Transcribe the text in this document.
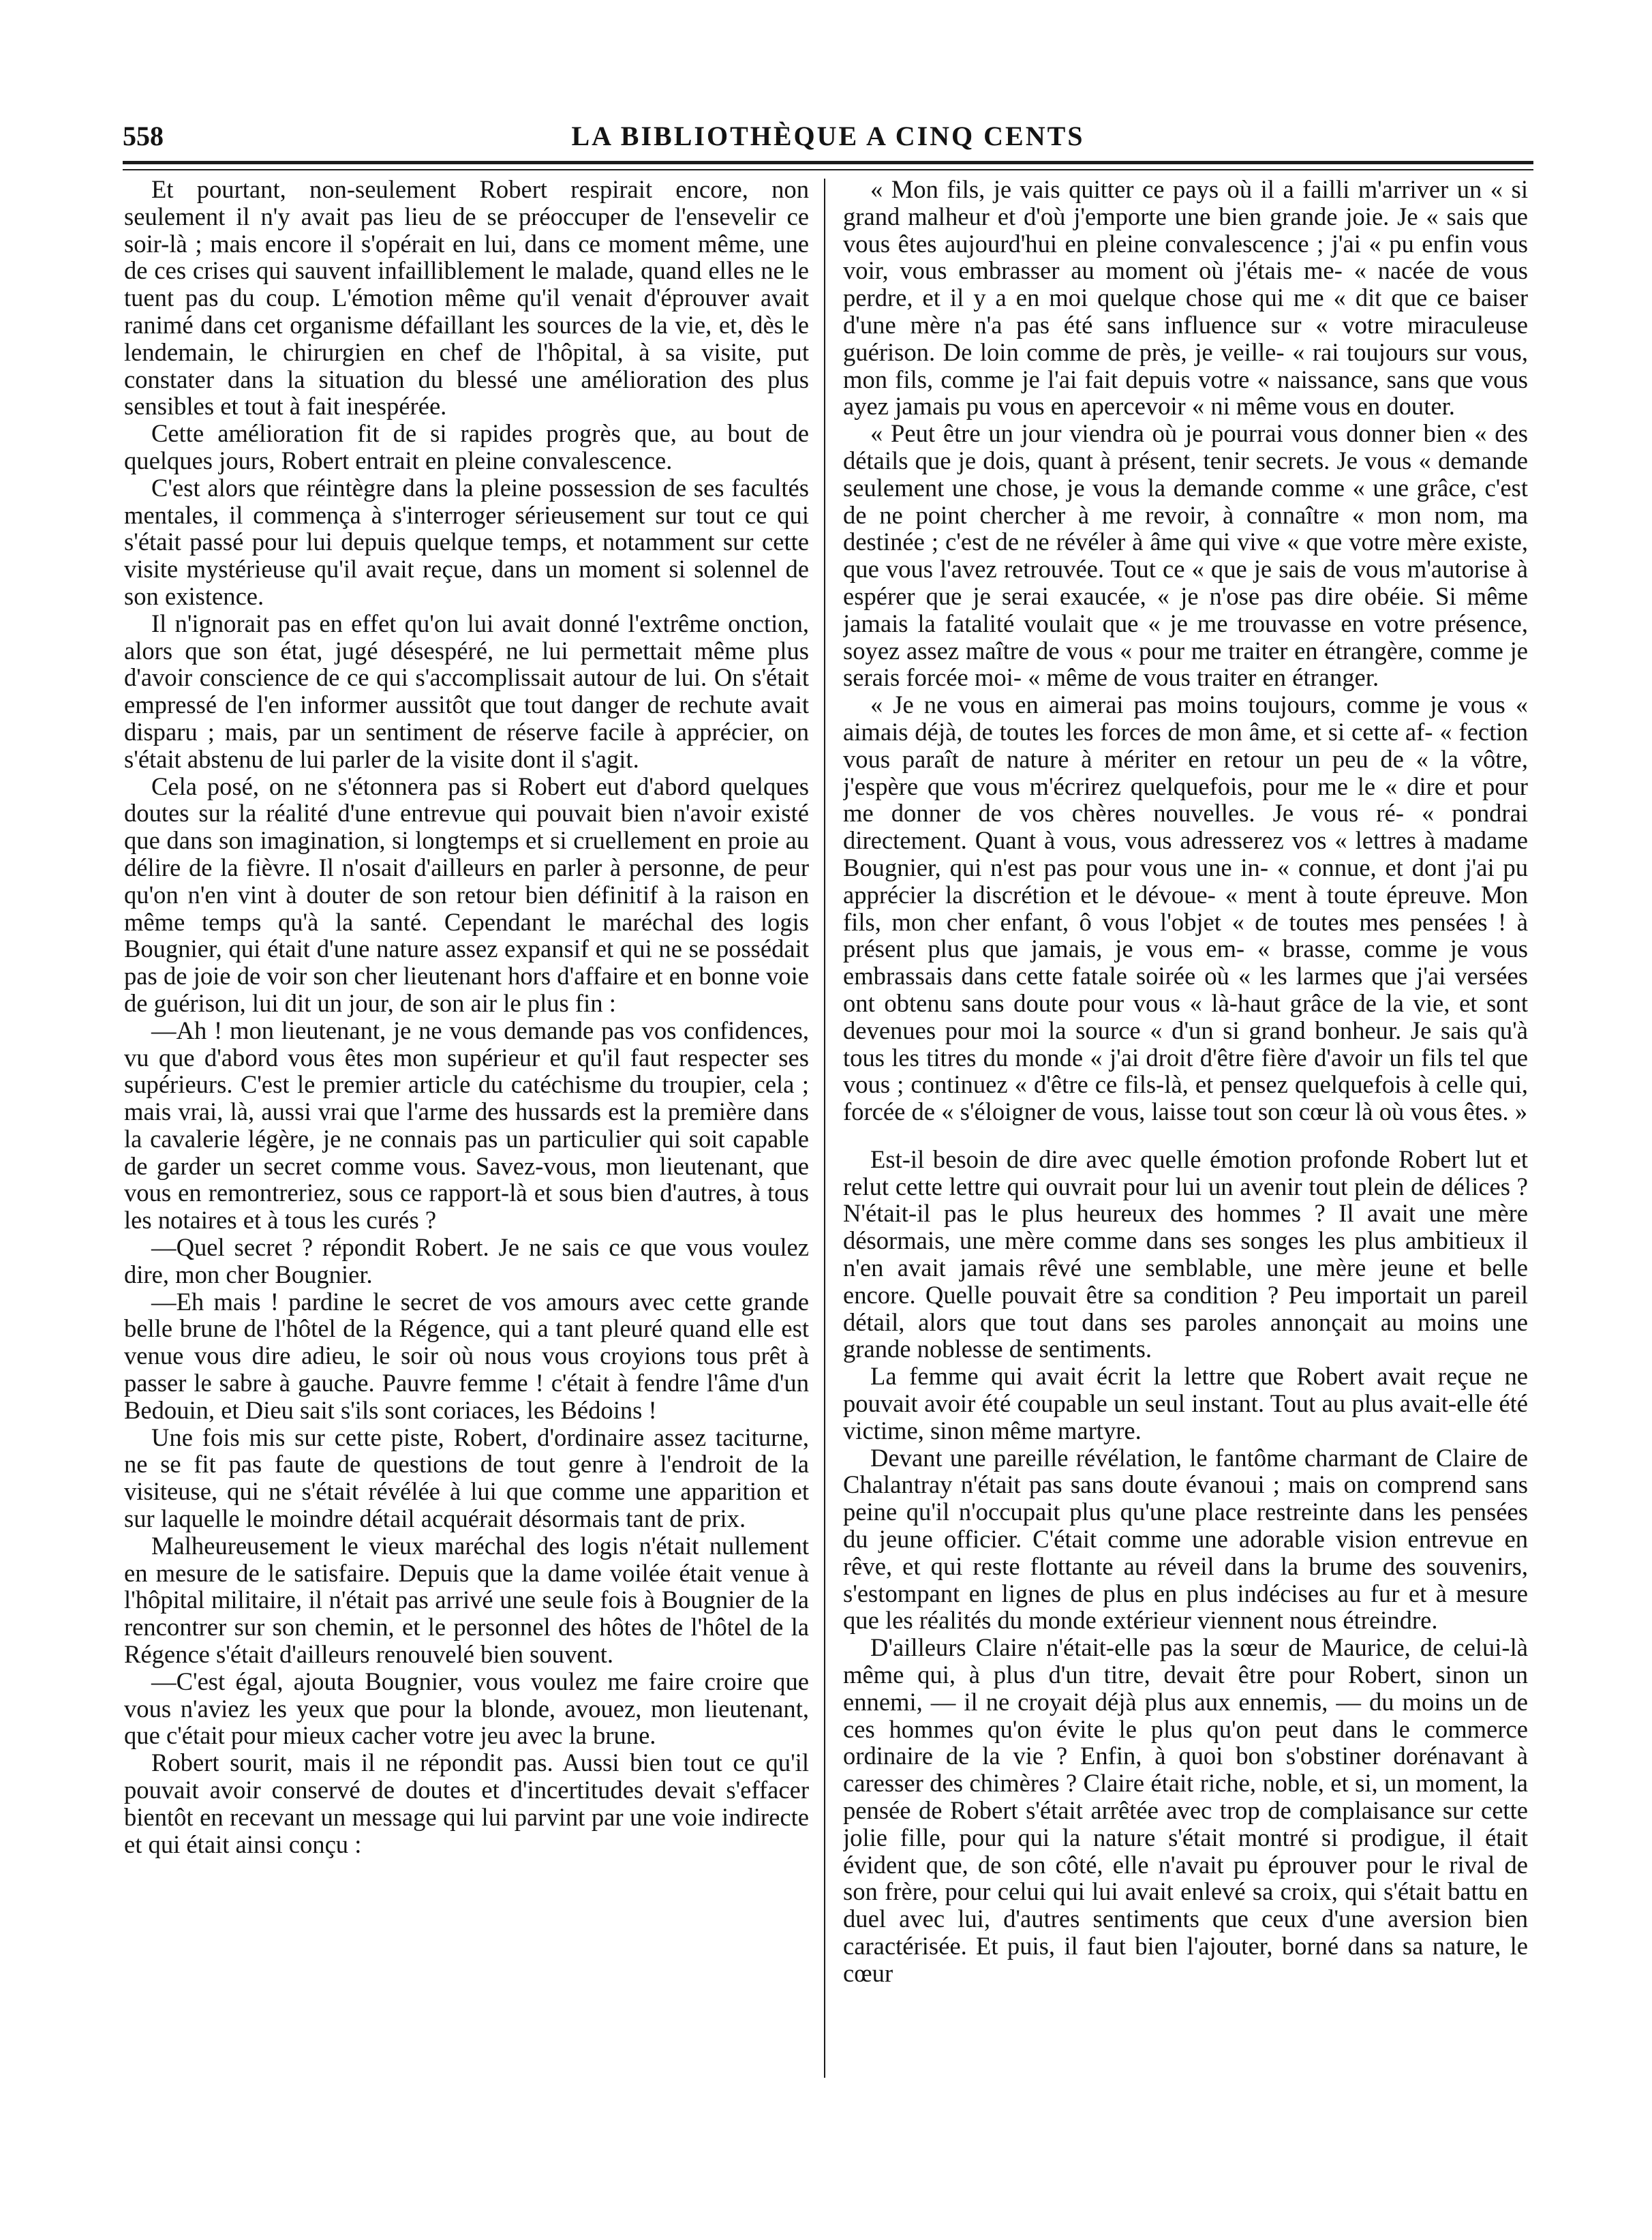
558	LA BIBLIOTHÈQUE A CINQ CENTS

Et pourtant, non-seulement Robert respirait encore, non seulement il n'y avait pas lieu de se préoccuper de l'ensevelir ce soir-là ; mais encore il s'opérait en lui, dans ce moment même, une de ces crises qui sauvent infailliblement le malade, quand elles ne le tuent pas du coup. L'émotion même qu'il venait d'éprouver avait ranimé dans cet organisme défaillant les sources de la vie, et, dès le lendemain, le chirurgien en chef de l'hôpital, à sa visite, put constater dans la situation du blessé une amélioration des plus sensibles et tout à fait inespérée.

Cette amélioration fit de si rapides progrès que, au bout de quelques jours, Robert entrait en pleine convalescence.

C'est alors que réintègre dans la pleine possession de ses facultés mentales, il commença à s'interroger sérieusement sur tout ce qui s'était passé pour lui depuis quelque temps, et notamment sur cette visite mystérieuse qu'il avait reçue, dans un moment si solennel de son existence.

Il n'ignorait pas en effet qu'on lui avait donné l'extrême onction, alors que son état, jugé désespéré, ne lui permettait même plus d'avoir conscience de ce qui s'accomplissait autour de lui. On s'était empressé de l'en informer aussitôt que tout danger de rechute avait disparu ; mais, par un sentiment de réserve facile à apprécier, on s'était abstenu de lui parler de la visite dont il s'agit.

Cela posé, on ne s'étonnera pas si Robert eut d'abord quelques doutes sur la réalité d'une entrevue qui pouvait bien n'avoir existé que dans son imagination, si longtemps et si cruellement en proie au délire de la fièvre. Il n'osait d'ailleurs en parler à personne, de peur qu'on n'en vint à douter de son retour bien définitif à la raison en même temps qu'à la santé. Cependant le maréchal des logis Bougnier, qui était d'une nature assez expansif et qui ne se possédait pas de joie de voir son cher lieutenant hors d'affaire et en bonne voie de guérison, lui dit un jour, de son air le plus fin :

—Ah ! mon lieutenant, je ne vous demande pas vos confidences, vu que d'abord vous êtes mon supérieur et qu'il faut respecter ses supérieurs. C'est le premier article du catéchisme du troupier, cela ; mais vrai, là, aussi vrai que l'arme des hussards est la première dans la cavalerie légère, je ne connais pas un particulier qui soit capable de garder un secret comme vous. Savez-vous, mon lieutenant, que vous en remontreriez, sous ce rapport-là et sous bien d'autres, à tous les notaires et à tous les curés ?

—Quel secret ? répondit Robert. Je ne sais ce que vous voulez dire, mon cher Bougnier.

—Eh mais ! pardine le secret de vos amours avec cette grande belle brune de l'hôtel de la Régence, qui a tant pleuré quand elle est venue vous dire adieu, le soir où nous vous croyions tous prêt à passer le sabre à gauche. Pauvre femme ! c'était à fendre l'âme d'un Bedouin, et Dieu sait s'ils sont coriaces, les Bédoins !

Une fois mis sur cette piste, Robert, d'ordinaire assez taciturne, ne se fit pas faute de questions de tout genre à l'endroit de la visiteuse, qui ne s'était révélée à lui que comme une apparition et sur laquelle le moindre détail acquérait désormais tant de prix.

Malheureusement le vieux maréchal des logis n'était nullement en mesure de le satisfaire. Depuis que la dame voilée était venue à l'hôpital militaire, il n'était pas arrivé une seule fois à Bougnier de la rencontrer sur son chemin, et le personnel des hôtes de l'hôtel de la Régence s'était d'ailleurs renouvelé bien souvent.

—C'est égal, ajouta Bougnier, vous voulez me faire croire que vous n'aviez les yeux que pour la blonde, avouez, mon lieutenant, que c'était pour mieux cacher votre jeu avec la brune.

Robert sourit, mais il ne répondit pas. Aussi bien tout ce qu'il pouvait avoir conservé de doutes et d'incertitudes devait s'effacer bientôt en recevant un message qui lui parvint par une voie indirecte et qui était ainsi conçu :

« Mon fils, je vais quitter ce pays où il a failli m'arriver un « si grand malheur et d'où j'emporte une bien grande joie. Je « sais que vous êtes aujourd'hui en pleine convalescence ; j'ai « pu enfin vous voir, vous embrasser au moment où j'étais me- « nacée de vous perdre, et il y a en moi quelque chose qui me « dit que ce baiser d'une mère n'a pas été sans influence sur « votre miraculeuse guérison. De loin comme de près, je veille- « rai toujours sur vous, mon fils, comme je l'ai fait depuis votre « naissance, sans que vous ayez jamais pu vous en apercevoir « ni même vous en douter.

« Peut être un jour viendra où je pourrai vous donner bien « des détails que je dois, quant à présent, tenir secrets. Je vous « demande seulement une chose, je vous la demande comme « une grâce, c'est de ne point chercher à me revoir, à connaître « mon nom, ma destinée ; c'est de ne révéler à âme qui vive « que votre mère existe, que vous l'avez retrouvée. Tout ce « que je sais de vous m'autorise à espérer que je serai exaucée, « je n'ose pas dire obéie. Si même jamais la fatalité voulait que « je me trouvasse en votre présence, soyez assez maître de vous « pour me traiter en étrangère, comme je serais forcée moi- « même de vous traiter en étranger.

« Je ne vous en aimerai pas moins toujours, comme je vous « aimais déjà, de toutes les forces de mon âme, et si cette af- « fection vous paraît de nature à mériter en retour un peu de « la vôtre, j'espère que vous m'écrirez quelquefois, pour me le « dire et pour me donner de vos chères nouvelles. Je vous ré- « pondrai directement. Quant à vous, vous adresserez vos « lettres à madame Bougnier, qui n'est pas pour vous une in- « connue, et dont j'ai pu apprécier la discrétion et le dévoue- « ment à toute épreuve. Mon fils, mon cher enfant, ô vous l'objet « de toutes mes pensées ! à présent plus que jamais, je vous em- « brasse, comme je vous embrassais dans cette fatale soirée où « les larmes que j'ai versées ont obtenu sans doute pour vous « là-haut grâce de la vie, et sont devenues pour moi la source « d'un si grand bonheur. Je sais qu'à tous les titres du monde « j'ai droit d'être fière d'avoir un fils tel que vous ; continuez « d'être ce fils-là, et pensez quelquefois à celle qui, forcée de « s'éloigner de vous, laisse tout son cœur là où vous êtes. »

Est-il besoin de dire avec quelle émotion profonde Robert lut et relut cette lettre qui ouvrait pour lui un avenir tout plein de délices ? N'était-il pas le plus heureux des hommes ? Il avait une mère désormais, une mère comme dans ses songes les plus ambitieux il n'en avait jamais rêvé une semblable, une mère jeune et belle encore. Quelle pouvait être sa condition ? Peu importait un pareil détail, alors que tout dans ses paroles annonçait au moins une grande noblesse de sentiments.

La femme qui avait écrit la lettre que Robert avait reçue ne pouvait avoir été coupable un seul instant. Tout au plus avait-elle été victime, sinon même martyre.

Devant une pareille révélation, le fantôme charmant de Claire de Chalantray n'était pas sans doute évanoui ; mais on comprend sans peine qu'il n'occupait plus qu'une place restreinte dans les pensées du jeune officier. C'était comme une adorable vision entrevue en rêve, et qui reste flottante au réveil dans la brume des souvenirs, s'estompant en lignes de plus en plus indécises au fur et à mesure que les réalités du monde extérieur viennent nous étreindre.

D'ailleurs Claire n'était-elle pas la sœur de Maurice, de celui-là même qui, à plus d'un titre, devait être pour Robert, sinon un ennemi, — il ne croyait déjà plus aux ennemis, — du moins un de ces hommes qu'on évite le plus qu'on peut dans le commerce ordinaire de la vie ? Enfin, à quoi bon s'obstiner dorénavant à caresser des chimères ? Claire était riche, noble, et si, un moment, la pensée de Robert s'était arrêtée avec trop de complaisance sur cette jolie fille, pour qui la nature s'était montré si prodigue, il était évident que, de son côté, elle n'avait pu éprouver pour le rival de son frère, pour celui qui lui avait enlevé sa croix, qui s'était battu en duel avec lui, d'autres sentiments que ceux d'une aversion bien caractérisée. Et puis, il faut bien l'ajouter, borné dans sa nature, le cœur
